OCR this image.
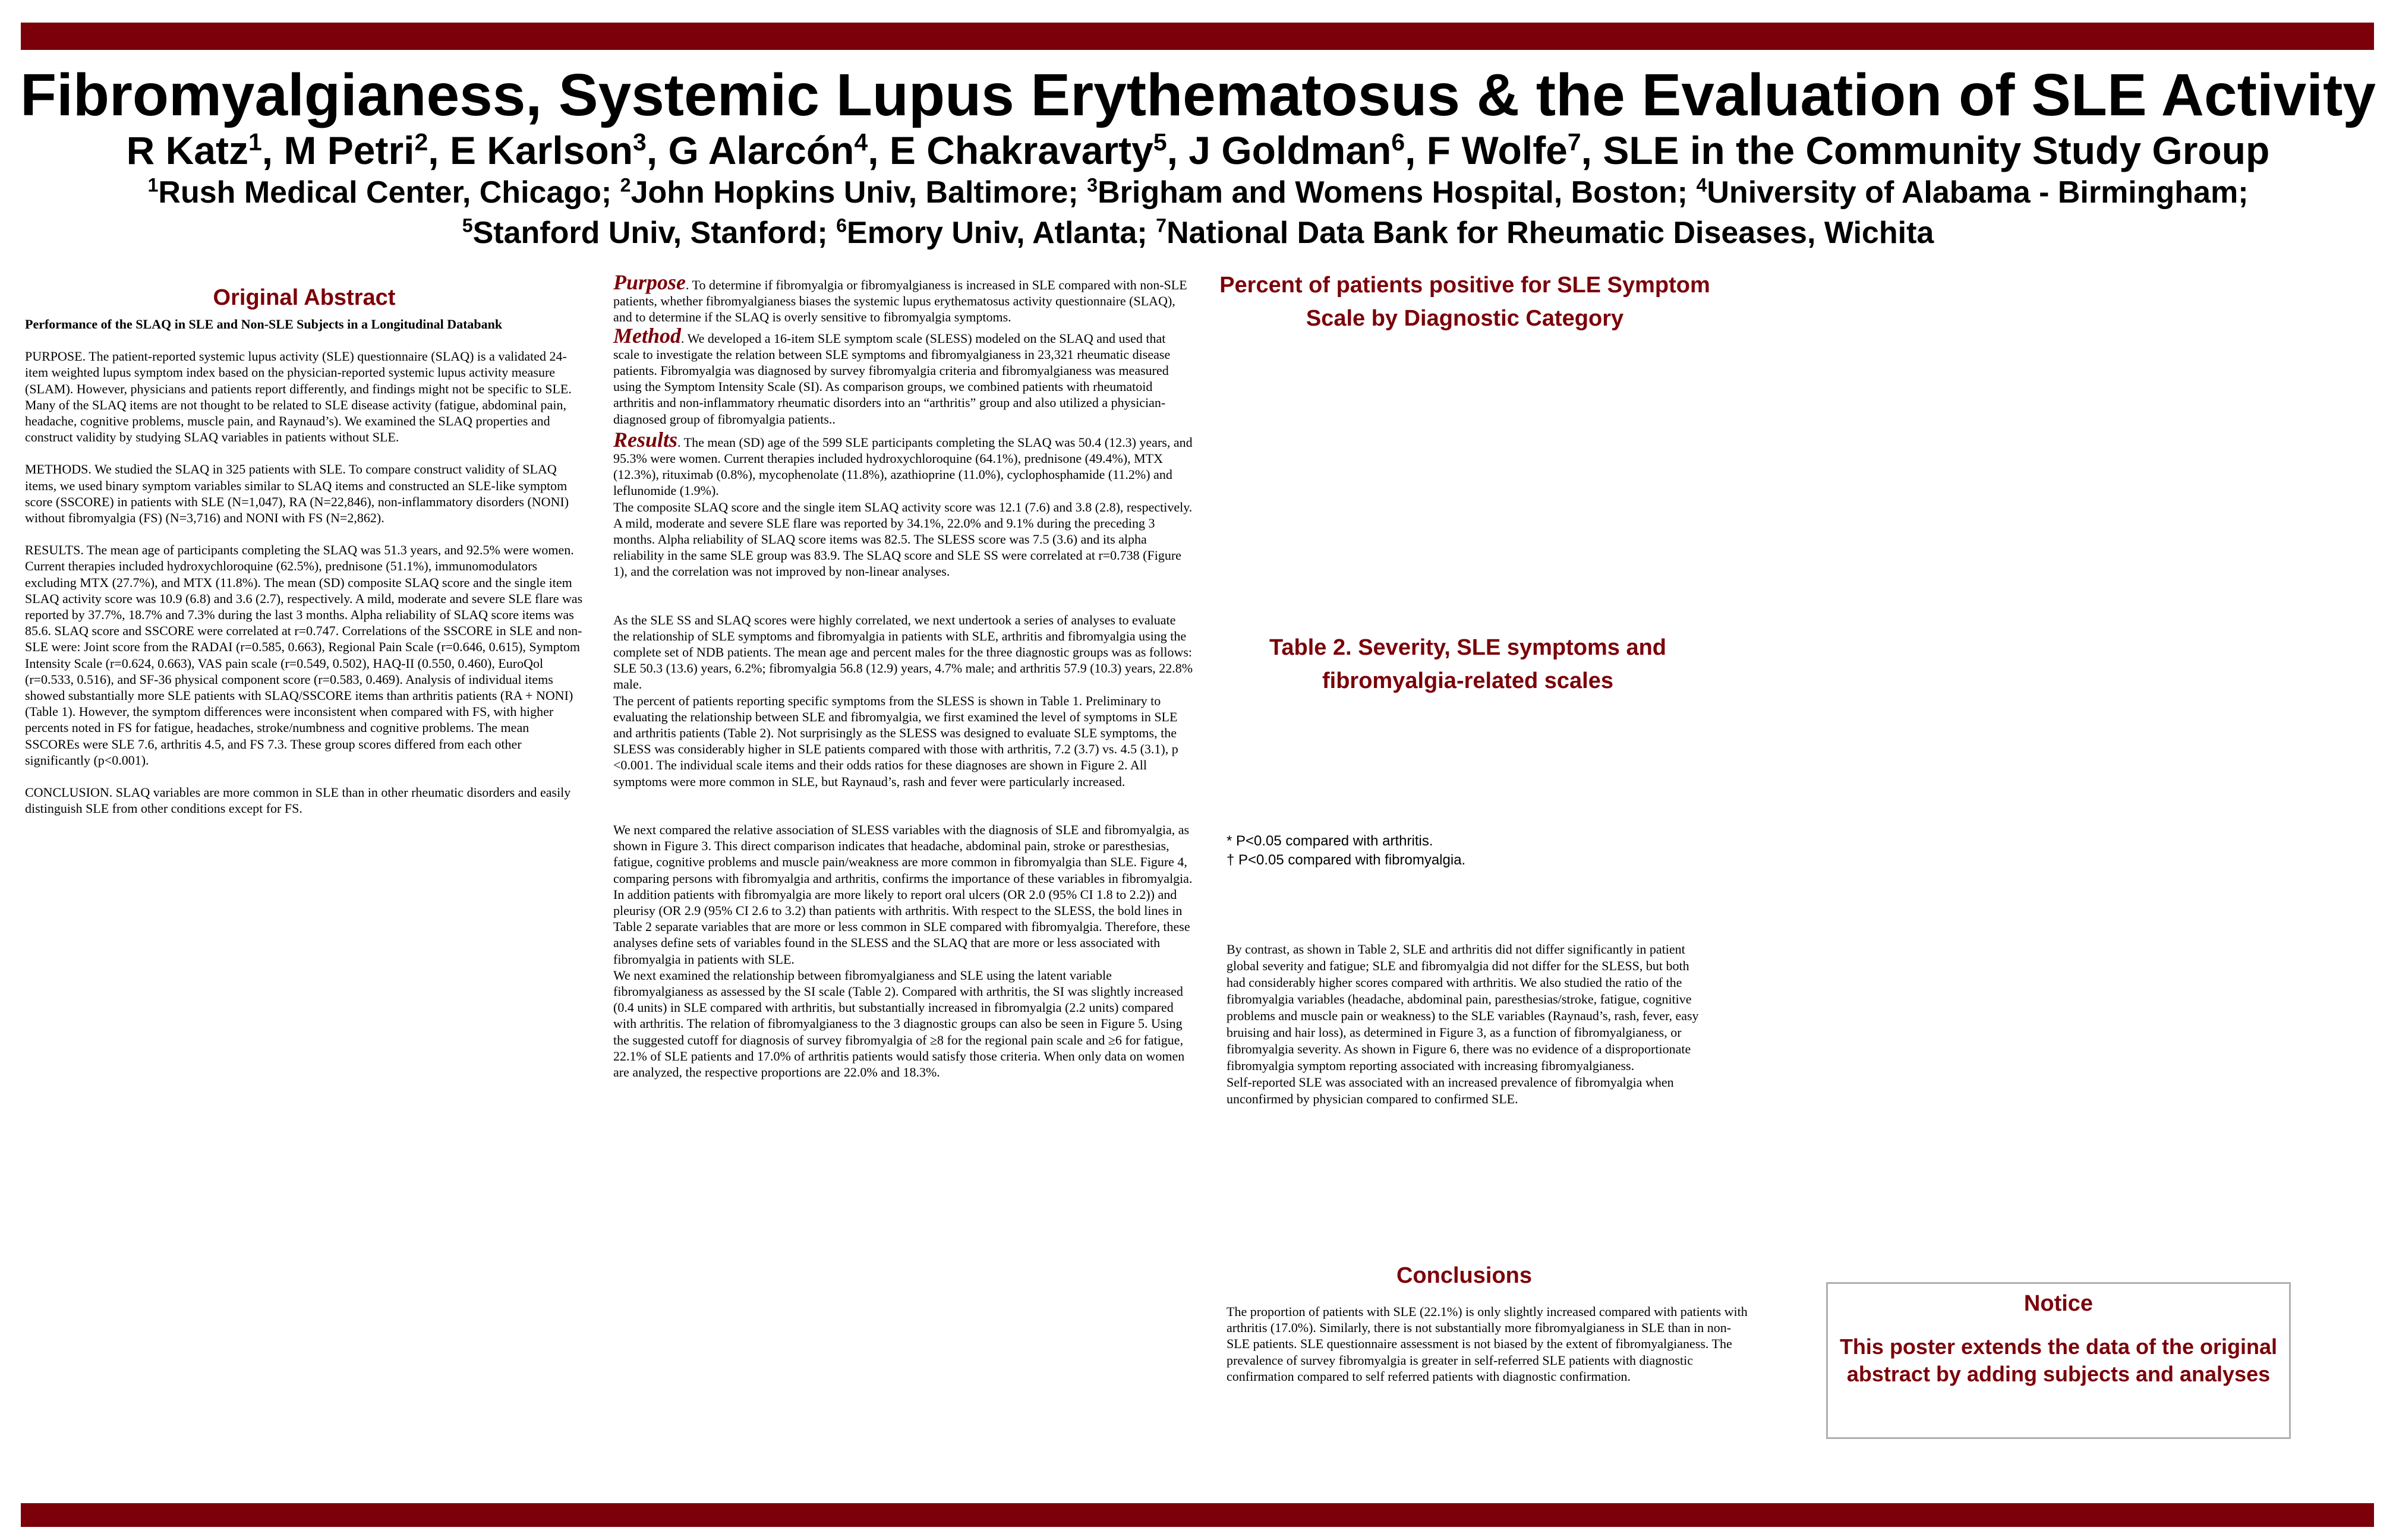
Fibromyalgianess, Systemic Lupus Erythematosus & the Evaluation of SLE Activity
R Katz$^1$, M Petri$^2$, E Karlson$^3$, G Alarcón$^4$, E Chakravarty$^5$, J Goldman$^6$, F Wolfe$^7$, SLE in the Community Study Group
$^1$Rush Medical Center, Chicago; $^2$John Hopkins Univ, Baltimore; $^3$Brigham and Womens Hospital, Boston; $^4$University of Alabama - Birmingham;
$^5$Stanford Univ, Stanford; $^6$Emory Univ, Atlanta; $^7$National Data Bank for Rheumatic Diseases, Wichita
Original Abstract

Performance of the SLAQ in SLE and Non-SLE Subjects in a Longitudinal Databank

PURPOSE. The patient-reported systemic lupus activity (SLE) questionnaire (SLAQ) is a validated 24-item weighted lupus symptom index based on the physician-reported systemic lupus activity measure (SLAM). However, physicians and patients report differently, and findings might not be specific to SLE. Many of the SLAQ items are not thought to be related to SLE disease activity (fatigue, abdominal pain, headache, cognitive problems, muscle pain, and Raynaud’s). We examined the SLAQ properties and construct validity by studying SLAQ variables in patients without SLE.

METHODS. We studied the SLAQ in 325 patients with SLE. To compare construct validity of SLAQ items, we used binary symptom variables similar to SLAQ items and constructed an SLE-like symptom score (SSCORE) in patients with SLE (N=1,047), RA (N=22,846), non-inflammatory disorders (NONI) without fibromyalgia (FS) (N=3,716) and NONI with FS (N=2,862).

RESULTS. The mean age of participants completing the SLAQ was 51.3 years, and 92.5% were women. Current therapies included hydroxychloroquine (62.5%), prednisone (51.1%), immunomodulators excluding MTX (27.7%), and MTX (11.8%). The mean (SD) composite SLAQ score and the single item SLAQ activity score was 10.9 (6.8) and 3.6 (2.7), respectively. A mild, moderate and severe SLE flare was reported by 37.7%, 18.7% and 7.3% during the last 3 months. Alpha reliability of SLAQ score items was 85.6. SLAQ score and SSCORE were correlated at r=0.747. Correlations of the SSCORE in SLE and non-SLE were: Joint score from the RADAI (r=0.585, 0.663), Regional Pain Scale (r=0.646, 0.615), Symptom Intensity Scale (r=0.624, 0.663), VAS pain scale (r=0.549, 0.502), HAQ-II (0.550, 0.460), EuroQol (r=0.533, 0.516), and SF-36 physical component score (r=0.583, 0.469). Analysis of individual items showed substantially more SLE patients with SLAQ/SSCORE items than arthritis patients (RA + NONI) (Table 1). However, the symptom differences were inconsistent when compared with FS, with higher percents noted in FS for fatigue, headaches, stroke/numbness and cognitive problems. The mean SSCOREs were SLE 7.6, arthritis 4.5, and FS 7.3. These group scores differed from each other significantly (p<0.001).

CONCLUSION. SLAQ variables are more common in SLE than in other rheumatic disorders and easily distinguish SLE from other conditions except for FS.

Purpose. To determine if fibromyalgia or fibromyalgianess is increased in SLE compared with non-SLE patients, whether fibromyalgianess biases the systemic lupus erythematosus activity questionnaire (SLAQ), and to determine if the SLAQ is overly sensitive to fibromyalgia symptoms.

Method. We developed a 16-item SLE symptom scale (SLESS) modeled on the SLAQ and used that scale to investigate the relation between SLE symptoms and fibromyalgianess in 23,321 rheumatic disease patients. Fibromyalgia was diagnosed by survey fibromyalgia criteria and fibromyalgianess was measured using the Symptom Intensity Scale (SI). As comparison groups, we combined patients with rheumatoid arthritis and non-inflammatory rheumatic disorders into an “arthritis” group and also utilized a physician-diagnosed group of fibromyalgia patients..

Results. The mean (SD) age of the 599 SLE participants completing the SLAQ was 50.4 (12.3) years, and 95.3% were women. Current therapies included hydroxychloroquine (64.1%), prednisone (49.4%), MTX (12.3%), rituximab (0.8%), mycophenolate (11.8%), azathioprine (11.0%), cyclophosphamide (11.2%) and leflunomide (1.9%).

The composite SLAQ score and the single item SLAQ activity score was 12.1 (7.6) and 3.8 (2.8), respectively. A mild, moderate and severe SLE flare was reported by 34.1%, 22.0% and 9.1% during the preceding 3 months. Alpha reliability of SLAQ score items was 82.5. The SLESS score was 7.5 (3.6) and its alpha reliability in the same SLE group was 83.9. The SLAQ score and SLE SS were correlated at r=0.738 (Figure 1), and the correlation was not improved by non-linear analyses.

As the SLE SS and SLAQ scores were highly correlated, we next undertook a series of analyses to evaluate the relationship of SLE symptoms and fibromyalgia in patients with SLE, arthritis and fibromyalgia using the complete set of NDB patients. The mean age and percent males for the three diagnostic groups was as follows: SLE 50.3 (13.6) years, 6.2%; fibromyalgia 56.8 (12.9) years, 4.7% male; and arthritis 57.9 (10.3) years, 22.8% male.

The percent of patients reporting specific symptoms from the SLESS is shown in Table 1. Preliminary to evaluating the relationship between SLE and fibromyalgia, we first examined the level of symptoms in SLE and arthritis patients (Table 2). Not surprisingly as the SLESS was designed to evaluate SLE symptoms, the SLESS was considerably higher in SLE patients compared with those with arthritis, 7.2 (3.7) vs. 4.5 (3.1), p <0.001. The individual scale items and their odds ratios for these diagnoses are shown in Figure 2. All symptoms were more common in SLE, but Raynaud’s, rash and fever were particularly increased.

We next compared the relative association of SLESS variables with the diagnosis of SLE and fibromyalgia, as shown in Figure 3. This direct comparison indicates that headache, abdominal pain, stroke or paresthesias, fatigue, cognitive problems and muscle pain/weakness are more common in fibromyalgia than SLE. Figure 4, comparing persons with fibromyalgia and arthritis, confirms the importance of these variables in fibromyalgia. In addition patients with fibromyalgia are more likely to report oral ulcers (OR 2.0 (95% CI 1.8 to 2.2)) and pleurisy (OR 2.9 (95% CI 2.6 to 3.2) than patients with arthritis. With respect to the SLESS, the bold lines in Table 2 separate variables that are more or less common in SLE compared with fibromyalgia. Therefore, these analyses define sets of variables found in the SLESS and the SLAQ that are more or less associated with fibromyalgia in patients with SLE.

We next examined the relationship between fibromyalgianess and SLE using the latent variable fibromyalgianess as assessed by the SI scale (Table 2). Compared with arthritis, the SI was slightly increased (0.4 units) in SLE compared with arthritis, but substantially increased in fibromyalgia (2.2 units) compared with arthritis. The relation of fibromyalgianess to the 3 diagnostic groups can also be seen in Figure 5. Using the suggested cutoff for diagnosis of survey fibromyalgia of ≥8 for the regional pain scale and ≥6 for fatigue, 22.1% of SLE patients and 17.0% of arthritis patients would satisfy those criteria. When only data on women are analyzed, the respective proportions are 22.0% and 18.3%.

Percent of patients positive for SLE Symptom Scale by Diagnostic Category
Table 2. Severity, SLE symptoms and fibromyalgia-related scales
* P<0.05 compared with arthritis.
† P<0.05 compared with fibromyalgia.

By contrast, as shown in Table 2, SLE and arthritis did not differ significantly in patient global severity and fatigue; SLE and fibromyalgia did not differ for the SLESS, but both had considerably higher scores compared with arthritis. We also studied the ratio of the fibromyalgia variables (headache, abdominal pain, paresthesias/stroke, fatigue, cognitive problems and muscle pain or weakness) to the SLE variables (Raynaud’s, rash, fever, easy bruising and hair loss), as determined in Figure 3, as a function of fibromyalgianess, or fibromyalgia severity. As shown in Figure 6, there was no evidence of a disproportionate fibromyalgia symptom reporting associated with increasing fibromyalgianess.

Self-reported SLE was associated with an increased prevalence of fibromyalgia when unconfirmed by physician compared to confirmed SLE.

Conclusions

The proportion of patients with SLE (22.1%) is only slightly increased compared with patients with arthritis (17.0%). Similarly, there is not substantially more fibromyalgianess in SLE than in non-SLE patients. SLE questionnaire assessment is not biased by the extent of fibromyalgianess. The prevalence of survey fibromyalgia is greater in self-referred SLE patients with diagnostic confirmation compared to self referred patients with diagnostic confirmation.

Notice
This poster extends the data of the original abstract by adding subjects and analyses
